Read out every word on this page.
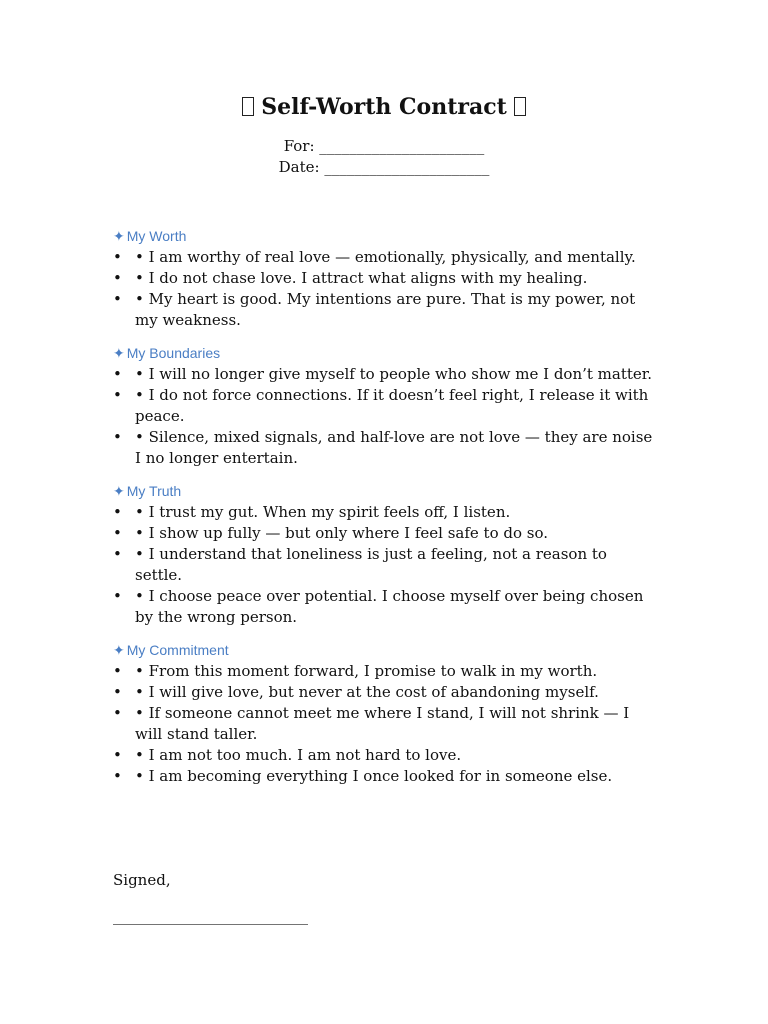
Self-Worth Contract
For: ______________________
Date: ______________________
✦ My Worth
• • I am worthy of real love — emotionally, physically, and mentally.
• • I do not chase love. I attract what aligns with my healing.
• • My heart is good. My intentions are pure. That is my power, not my weakness.
✦ My Boundaries
• • I will no longer give myself to people who show me I don’t matter.
• • I do not force connections. If it doesn’t feel right, I release it with peace.
• • Silence, mixed signals, and half-love are not love — they are noise I no longer entertain.
✦ My Truth
• • I trust my gut. When my spirit feels off, I listen.
• • I show up fully — but only where I feel safe to do so.
• • I understand that loneliness is just a feeling, not a reason to settle.
• • I choose peace over potential. I choose myself over being chosen by the wrong person.
✦ My Commitment
• • From this moment forward, I promise to walk in my worth.
• • I will give love, but never at the cost of abandoning myself.
• • If someone cannot meet me where I stand, I will not shrink — I will stand taller.
• • I am not too much. I am not hard to love.
• • I am becoming everything I once looked for in someone else.
Signed,
__________________________
